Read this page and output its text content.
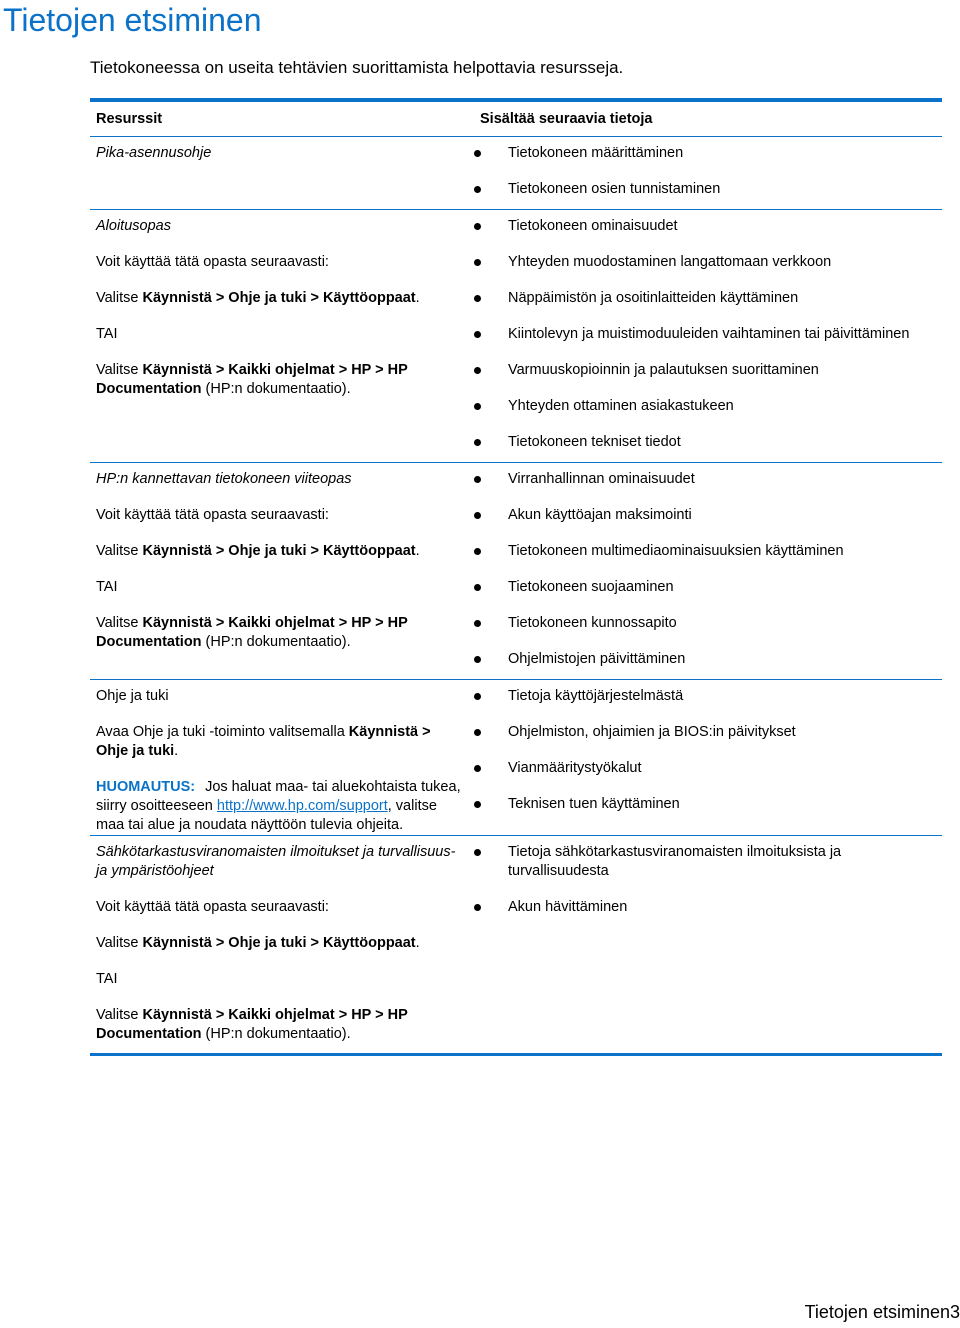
Tietojen etsiminen

Tietokoneessa on useita tehtävien suorittamista helpottavia resursseja.

Resurssit	Sisältää seuraavia tietoja

Pika-asennusohje	Tietokoneen määrittäminen
Tietokoneen osien tunnistaminen

Aloitusopas

Voit käyttää tätä opasta seuraavasti:

Valitse Käynnistä > Ohje ja tuki > Käyttöoppaat.

TAI

Valitse Käynnistä > Kaikki ohjelmat > HP > HP Documentation (HP:n dokumentaatio).

Tietokoneen ominaisuudet
Yhteyden muodostaminen langattomaan verkkoon
Näppäimistön ja osoitinlaitteiden käyttäminen
Kiintolevyn ja muistimoduuleiden vaihtaminen tai päivittäminen
Varmuuskopioinnin ja palautuksen suorittaminen
Yhteyden ottaminen asiakastukeen
Tietokoneen tekniset tiedot

HP:n kannettavan tietokoneen viiteopas

Voit käyttää tätä opasta seuraavasti:

Valitse Käynnistä > Ohje ja tuki > Käyttöoppaat.

TAI

Valitse Käynnistä > Kaikki ohjelmat > HP > HP Documentation (HP:n dokumentaatio).

Virranhallinnan ominaisuudet
Akun käyttöajan maksimointi
Tietokoneen multimediaominaisuuksien käyttäminen
Tietokoneen suojaaminen
Tietokoneen kunnossapito
Ohjelmistojen päivittäminen

Ohje ja tuki

Avaa Ohje ja tuki -toiminto valitsemalla Käynnistä > Ohje ja tuki.

HUOMAUTUS: Jos haluat maa- tai aluekohtaista tukea, siirry osoitteeseen http://www.hp.com/support, valitse maa tai alue ja noudata näyttöön tulevia ohjeita.

Tietoja käyttöjärjestelmästä
Ohjelmiston, ohjaimien ja BIOS:in päivitykset
Vianmääritystyökalut
Teknisen tuen käyttäminen

Sähkötarkastusviranomaisten ilmoitukset ja turvallisuus- ja ympäristöohjeet

Voit käyttää tätä opasta seuraavasti:

Valitse Käynnistä > Ohje ja tuki > Käyttöoppaat.

TAI

Valitse Käynnistä > Kaikki ohjelmat > HP > HP Documentation (HP:n dokumentaatio).

Tietoja sähkötarkastusviranomaisten ilmoituksista ja turvallisuudesta
Akun hävittäminen
Tietojen etsiminen3
